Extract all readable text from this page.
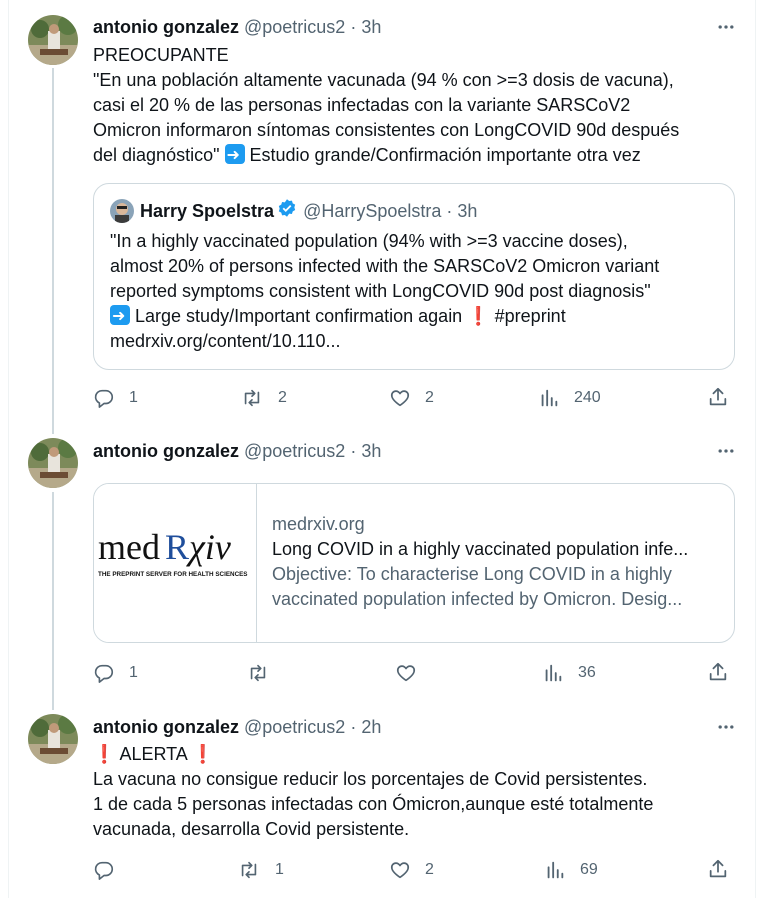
antonio gonzalez @poetricus2 · 3h
PREOCUPANTE
"En una población altamente vacunada (94 % con >=3 dosis de vacuna),
casi el 20 % de las personas infectadas con la variante SARSCoV2
Omicron informaron síntomas consistentes con LongCOVID 90d después
del diagnóstico"  ➜ Estudio grande/Confirmación importante otra vez
Harry Spoelstra @HarrySpoelstra · 3h
"In a highly vaccinated population (94% with >=3 vaccine doses),
almost 20% of persons infected with the SARSCoV2 Omicron variant
reported symptoms consistent with LongCOVID 90d post diagnosis"
➜ Large study/Important confirmation again ❗ #preprint
medrxiv.org/content/10.110...
1	2	2	240
antonio gonzalez @poetricus2 · 3h
med R χiv
THE PREPRINT SERVER FOR HEALTH SCIENCES
medrxiv.org
Long COVID in a highly vaccinated population infe...
Objective: To characterise Long COVID in a highly
vaccinated population infected by Omicron. Desig...
1	36
antonio gonzalez @poetricus2 · 2h
❗ ALERTA ❗
La vacuna no consigue reducir los porcentajes de Covid persistentes.
1 de cada 5 personas infectadas con Ómicron,aunque esté totalmente
vacunada, desarrolla Covid persistente.
1	2	69
